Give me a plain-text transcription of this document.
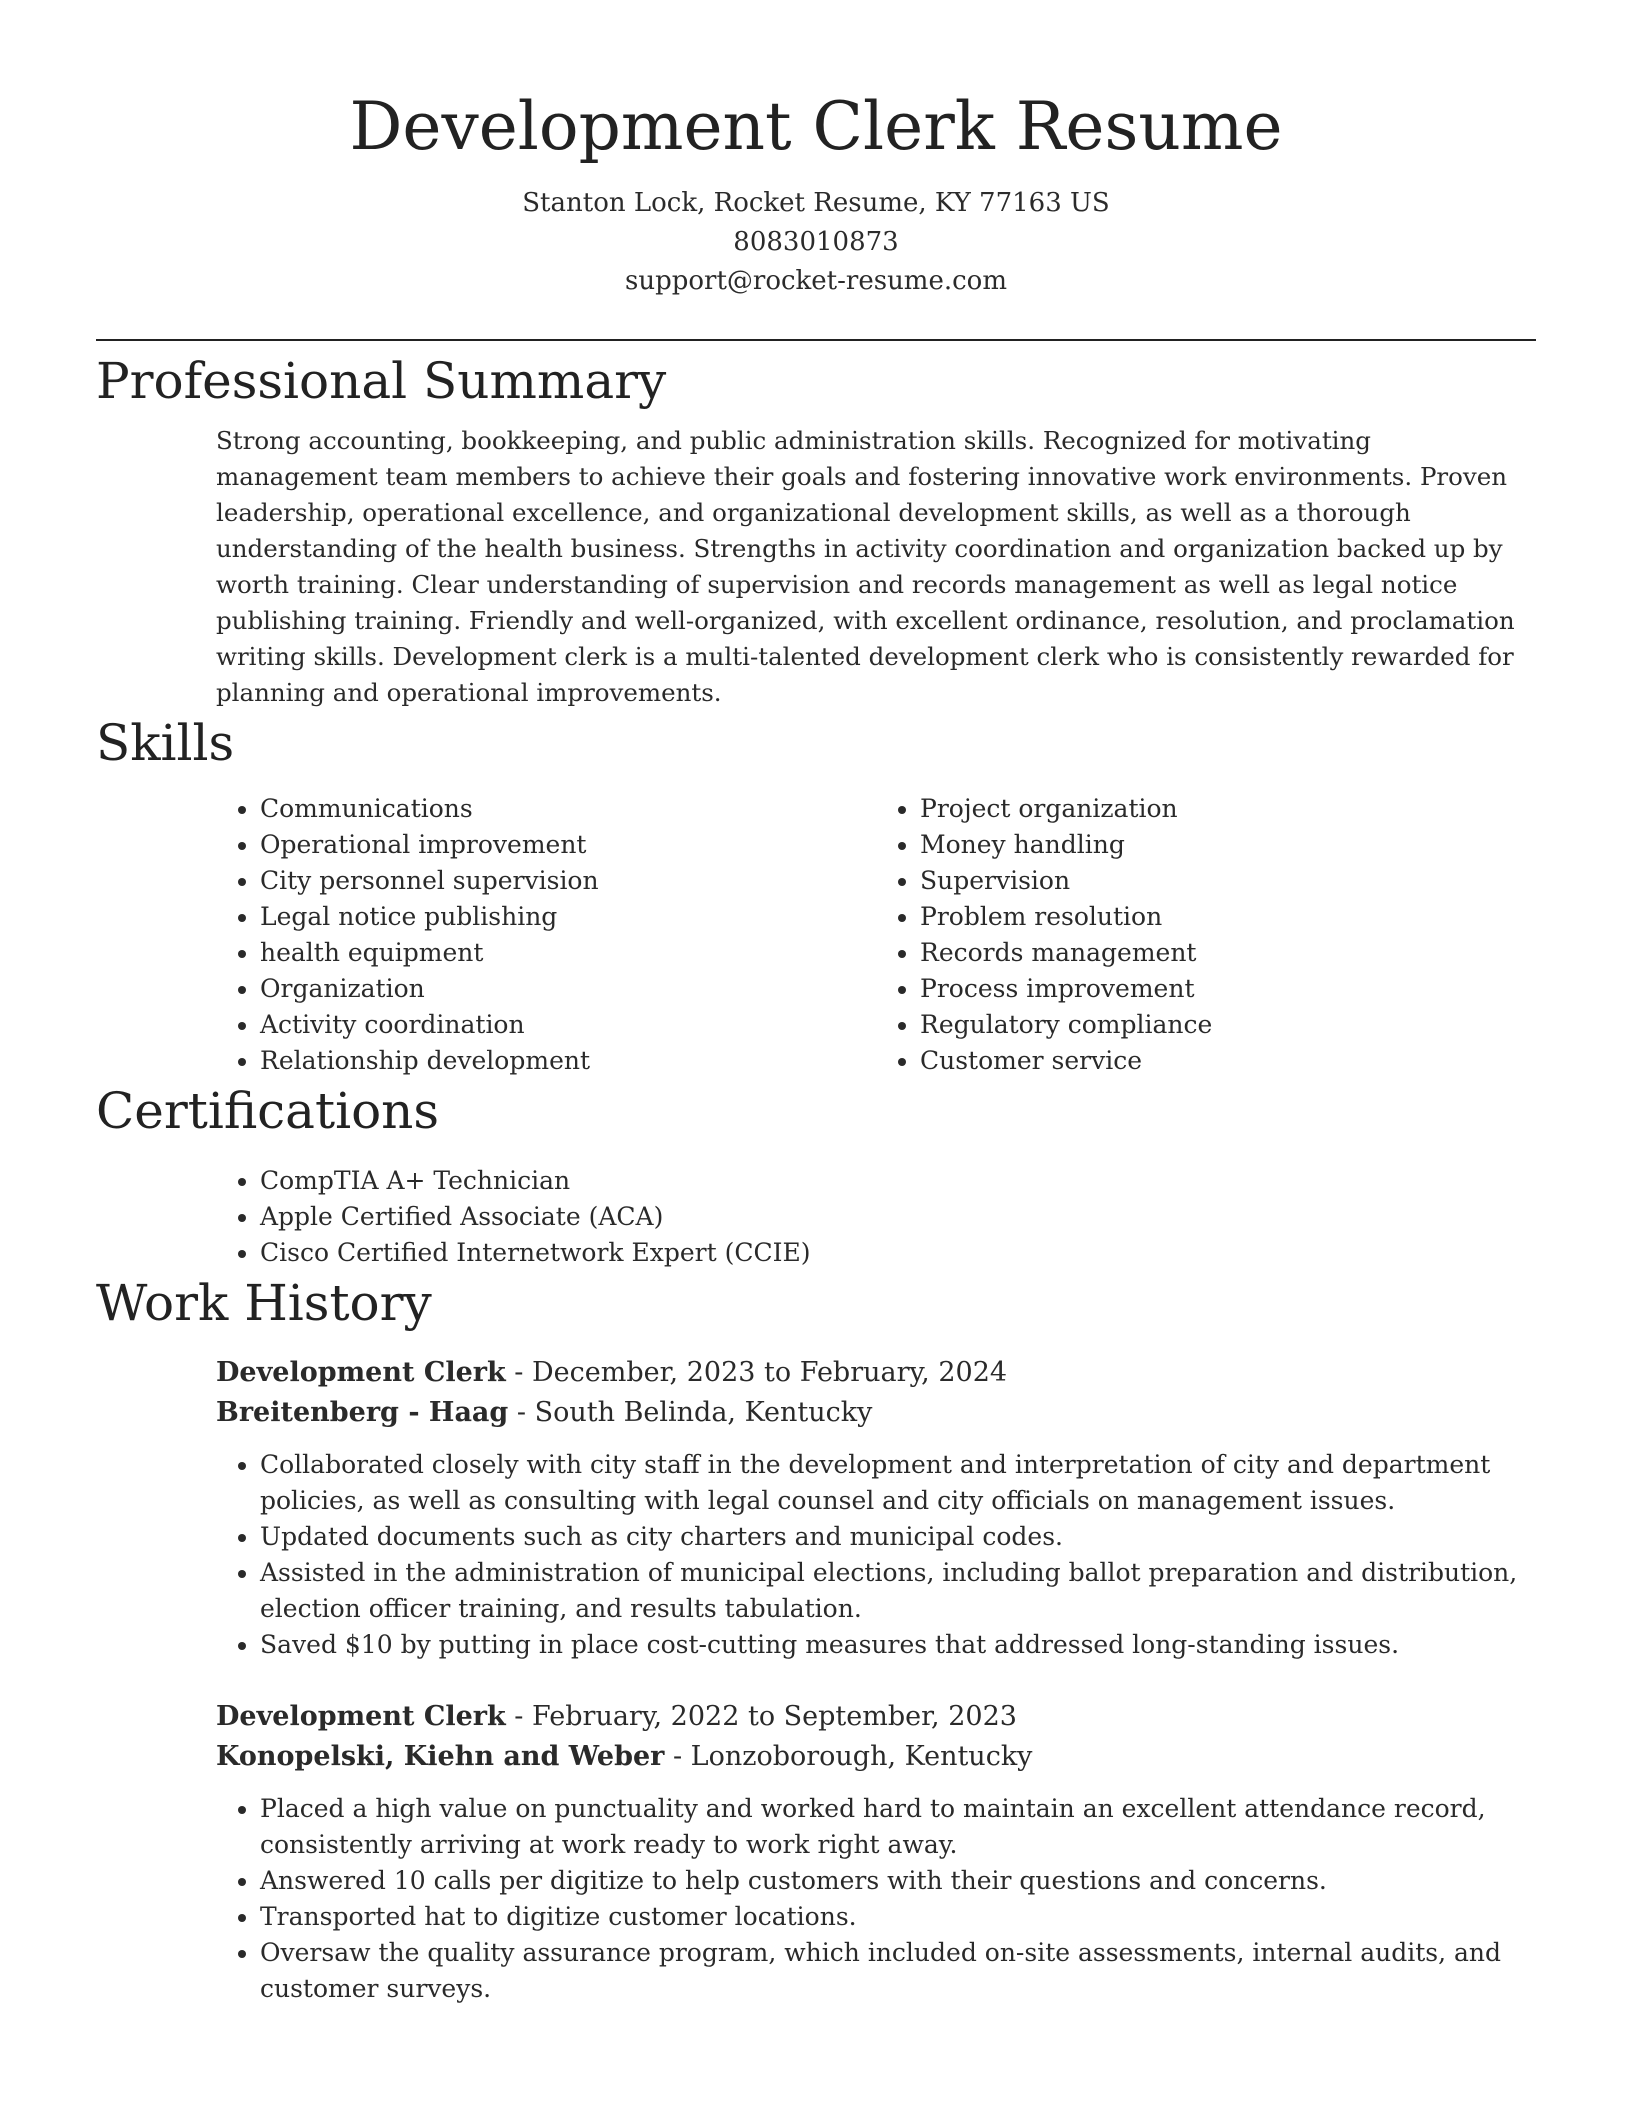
Development Clerk Resume
Stanton Lock, Rocket Resume, KY 77163 US
8083010873
support@rocket-resume.com
Professional Summary

Strong accounting, bookkeeping, and public administration skills. Recognized for motivating management team members to achieve their goals and fostering innovative work environments. Proven leadership, operational excellence, and organizational development skills, as well as a thorough understanding of the health business. Strengths in activity coordination and organization backed up by worth training. Clear understanding of supervision and records management as well as legal notice publishing training. Friendly and well-organized, with excellent ordinance, resolution, and proclamation writing skills. Development clerk is a multi-talented development clerk who is consistently rewarded for planning and operational improvements.

Skills
• Communications
• Operational improvement
• City personnel supervision
• Legal notice publishing
• health equipment
• Organization
• Activity coordination
• Relationship development
• Project organization
• Money handling
• Supervision
• Problem resolution
• Records management
• Process improvement
• Regulatory compliance
• Customer service
Certifications
• CompTIA A+ Technician
• Apple Certified Associate (ACA)
• Cisco Certified Internetwork Expert (CCIE)
Work History
Development Clerk - December, 2023 to February, 2024
Breitenberg - Haag - South Belinda, Kentucky
• Collaborated closely with city staff in the development and interpretation of city and department policies, as well as consulting with legal counsel and city officials on management issues.
• Updated documents such as city charters and municipal codes.
• Assisted in the administration of municipal elections, including ballot preparation and distribution, election officer training, and results tabulation.
• Saved $10 by putting in place cost-cutting measures that addressed long-standing issues.
Development Clerk - February, 2022 to September, 2023
Konopelski, Kiehn and Weber - Lonzoborough, Kentucky
• Placed a high value on punctuality and worked hard to maintain an excellent attendance record, consistently arriving at work ready to work right away.
• Answered 10 calls per digitize to help customers with their questions and concerns.
• Transported hat to digitize customer locations.
• Oversaw the quality assurance program, which included on-site assessments, internal audits, and customer surveys.
